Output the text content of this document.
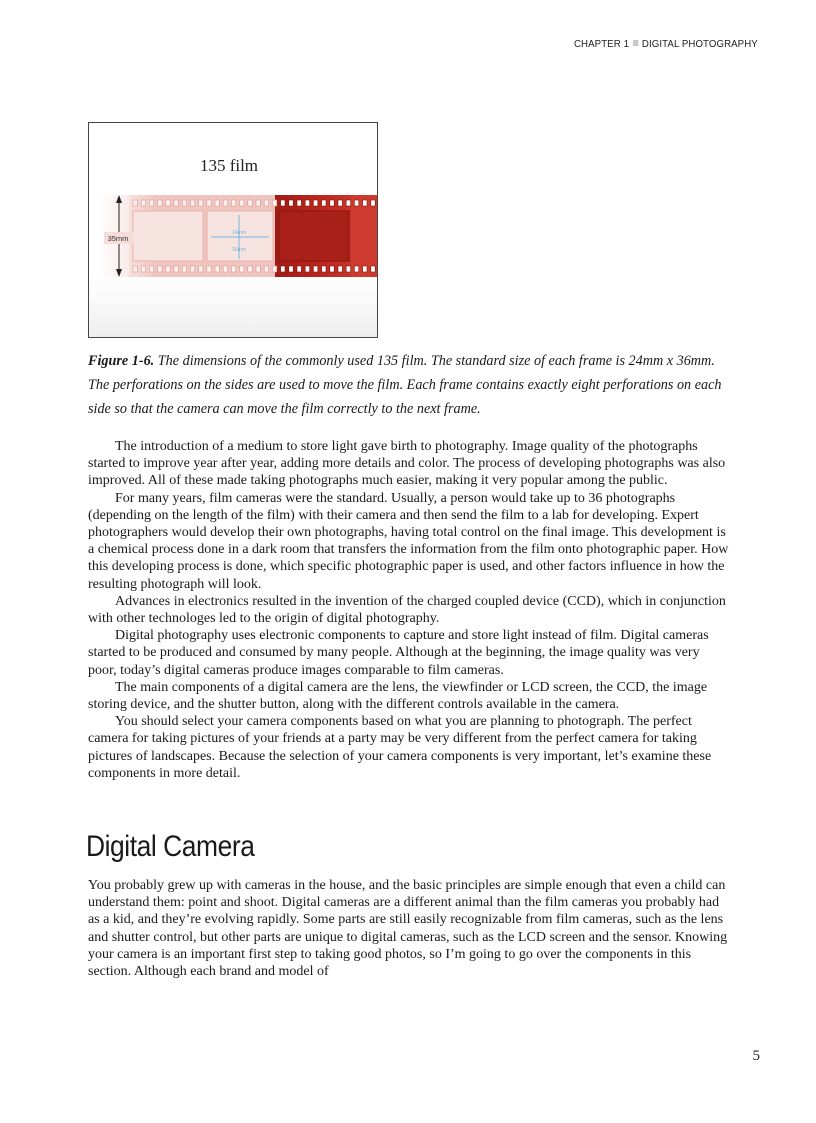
CHAPTER 1 DIGITAL PHOTOGRAPHY
135 film
24mm
36mm
35mm
Figure 1-6. The dimensions of the commonly used 135 film. The standard size of each frame is 24mm x 36mm. The perforations on the sides are used to move the film. Each frame contains exactly eight perforations on each side so that the camera can move the film correctly to the next frame.

The introduction of a medium to store light gave birth to photography. Image quality of the photographs started to improve year after year, adding more details and color. The process of developing photographs was also improved. All of these made taking photographs much easier, making it very popular among the public.

For many years, film cameras were the standard. Usually, a person would take up to 36 photographs (depending on the length of the film) with their camera and then send the film to a lab for developing. Expert photographers would develop their own photographs, having total control on the final image. This development is a chemical process done in a dark room that transfers the information from the film onto photographic paper. How this developing process is done, which specific photographic paper is used, and other factors influence in how the resulting photograph will look.

Advances in electronics resulted in the invention of the charged coupled device (CCD), which in conjunction with other technologes led to the origin of digital photography.

Digital photography uses electronic components to capture and store light instead of film. Digital cameras started to be produced and consumed by many people. Although at the beginning, the image quality was very poor, today’s digital cameras produce images comparable to film cameras.

The main components of a digital camera are the lens, the viewfinder or LCD screen, the CCD, the image storing device, and the shutter button, along with the different controls available in the camera.

You should select your camera components based on what you are planning to photograph. The perfect camera for taking pictures of your friends at a party may be very different from the perfect camera for taking pictures of landscapes. Because the selection of your camera components is very important, let’s examine these components in more detail.

Digital Camera

You probably grew up with cameras in the house, and the basic principles are simple enough that even a child can understand them: point and shoot. Digital cameras are a different animal than the film cameras you probably had as a kid, and they’re evolving rapidly. Some parts are still easily recognizable from film cameras, such as the lens and shutter control, but other parts are unique to digital cameras, such as the LCD screen and the sensor. Knowing your camera is an important first step to taking good photos, so I’m going to go over the components in this section. Although each brand and model of

5
